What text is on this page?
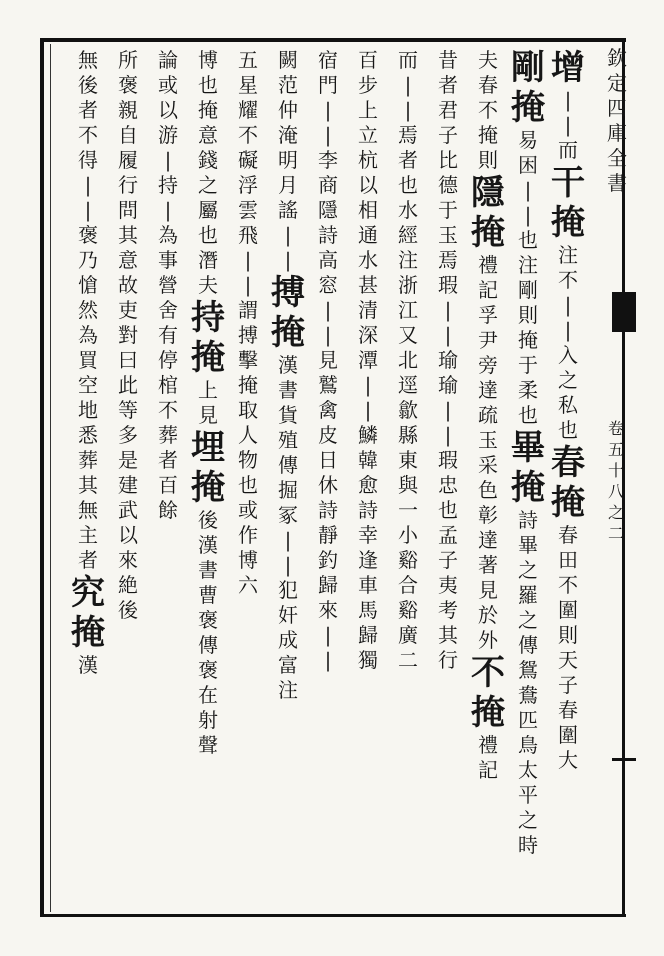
欽
定
四
庫
全
書
卷
五
十
八
之
二
增
|
|
而
干
掩
注
不
|
|
入
之
私
也
春
掩
春
田
不
圍
則
天
子
春
圍
大
剛
掩
易
困
|
|
也
注
剛
則
掩
于
柔
也
畢
掩
詩
畢
之
羅
之
傳
鴛
鴦
匹
鳥
太
平
之
時
夫
春
不
掩
則
隱
掩
禮
記
孚
尹
旁
達
疏
玉
采
色
彰
達
著
見
於
外
不
掩
禮
記
昔
者
君
子
比
德
于
玉
焉
瑕
|
|
瑜
瑜
|
|
瑕
忠
也
孟
子
夷
考
其
行
而
|
|
焉
者
也
水
經
注
浙
江
又
北
逕
歙
縣
東
與
一
小
谿
合
谿
廣
二
百
步
上
立
杭
以
相
通
水
甚
清
深
潭
|
|
鱗
韓
愈
詩
幸
逢
車
馬
歸
獨
宿
門
|
|
李
商
隱
詩
高
窓
|
|
見
鷲
禽
皮
日
休
詩
靜
釣
歸
來
|
|
闕
范
仲
淹
明
月
謠
|
|
搏
掩
漢
書
貨
殖
傳
掘
冢
|
|
犯
奸
成
富
注
五
星
耀
不
礙
浮
雲
飛
|
|
謂
搏
擊
掩
取
人
物
也
或
作
博
六
博
也
掩
意
錢
之
屬
也
潛
夫
持
掩
上
見
埋
掩
後
漢
書
曹
褒
傳
褒
在
射
聲
論
或
以
游
|
持
|
為
事
營
舍
有
停
棺
不
葬
者
百
餘
所
褒
親
自
履
行
問
其
意
故
吏
對
曰
此
等
多
是
建
武
以
來
絶
後
無
後
者
不
得
|
|
褒
乃
愴
然
為
買
空
地
悉
葬
其
無
主
者
究
掩
漢
